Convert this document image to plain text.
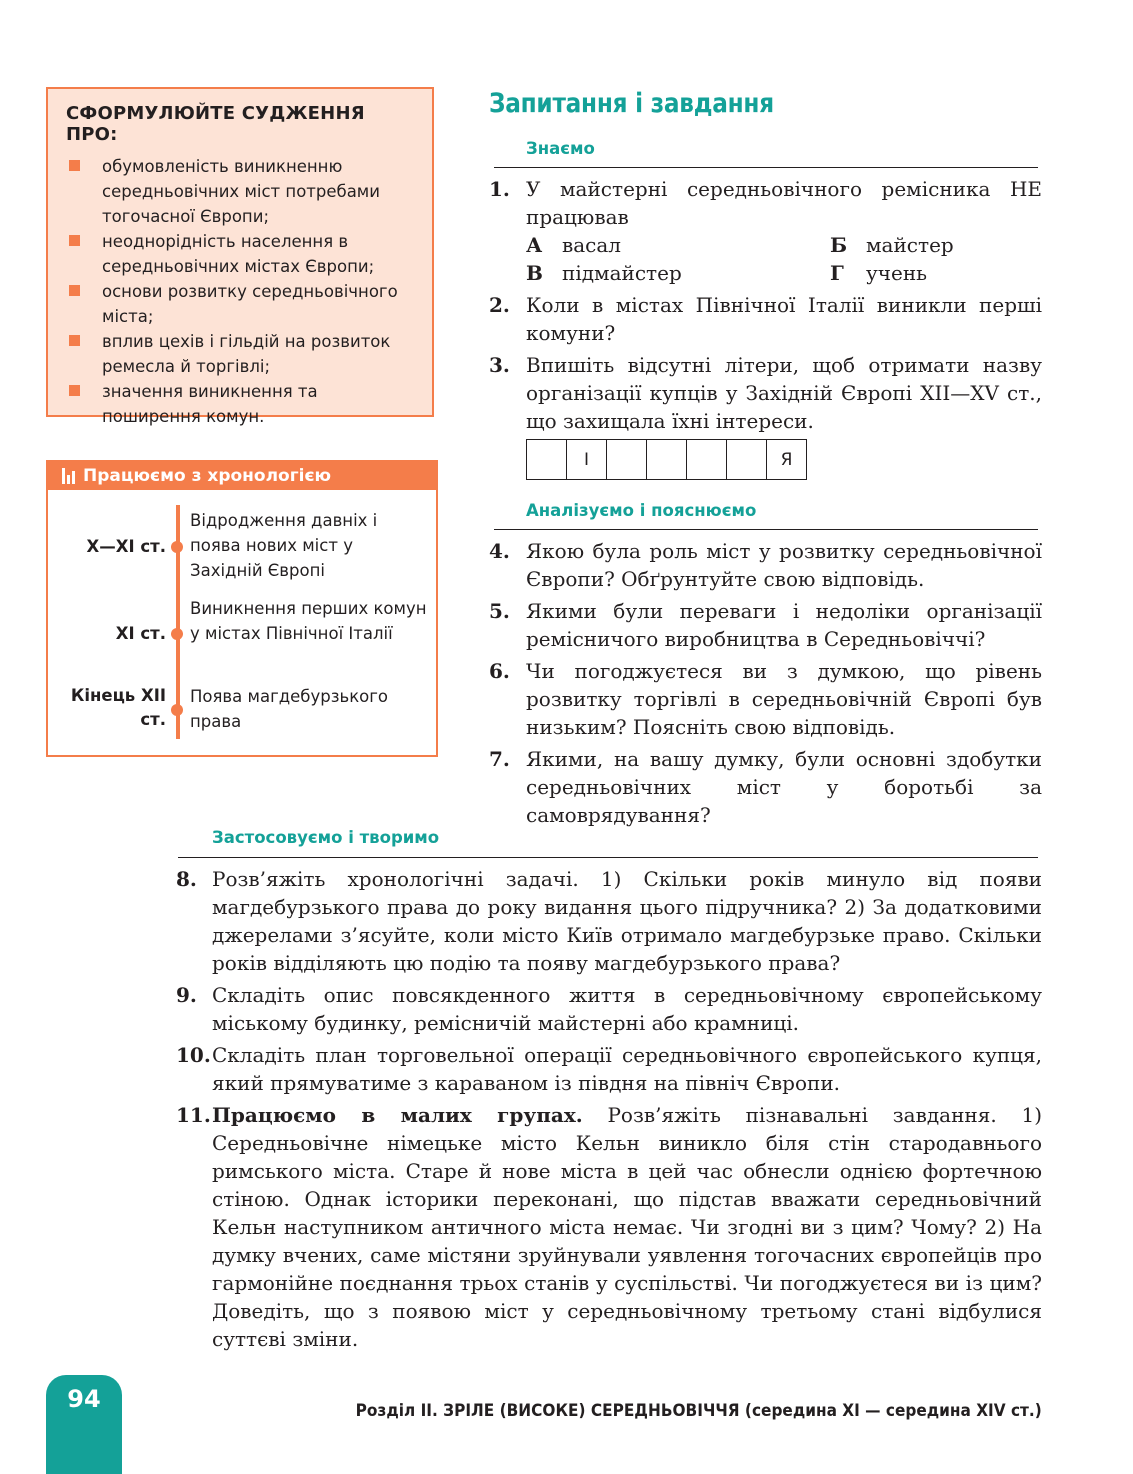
СФОРМУЛЮЙТЕ СУДЖЕННЯ ПРО:
обумовленість виникненню середньовічних міст потребами тогочасної Європи;
неоднорідність населення в середньовічних містах Європи;
основи розвитку середньовічного міста;
вплив цехів і гільдій на розвиток ремесла й торгівлі;
значення виникнення та поширення комун.
Працюємо з хронологією
X—XI ст.
Відродження давніх і поява нових міст у Західній Європі
XI ст.
Виникнення перших комун у містах Північної Італії
Кінець XII ст.
Поява магдебурзького права
Запитання і завдання
Знаємо
1. У майстерні середньовічного ремісника НЕ працював
А васал	Б майстер
В підмайстер	Г учень
2. Коли в містах Північної Італії виникли перші комуни?
3. Впишіть відсутні літери, щоб отримати назву організації купців у Західній Європі XII—XV ст., що захищала їхні інтереси.
І	Я
Аналізуємо і пояснюємо
4. Якою була роль міст у розвитку середньовічної Європи? Обґрунтуйте свою відповідь.
5. Якими були переваги і недоліки організації ремісничого виробництва в Середньовіччі?
6. Чи погоджуєтеся ви з думкою, що рівень розвитку торгівлі в середньовічній Європі був низьким? Поясніть свою відповідь.
7. Якими, на вашу думку, були основні здобутки середньовічних міст у боротьбі за самоврядування?
Застосовуємо і творимо
8. Розв’яжіть хронологічні задачі. 1) Скільки років минуло від появи магдебурзького права до року видання цього підручника? 2) За додатковими джерелами з’ясуйте, коли місто Київ отримало магдебурзьке право. Скільки років відділяють цю подію та появу магдебурзького права?
9. Складіть опис повсякденного життя в середньовічному європейському міському будинку, ремісничій майстерні або крамниці.
10. Складіть план торговельної операції середньовічного європейського купця, який прямуватиме з караваном із півдня на північ Європи.
11. Працюємо в малих групах. Розв’яжіть пізнавальні завдання. 1) Середньовічне німецьке місто Кельн виникло біля стін стародавнього римського міста. Старе й нове міста в цей час обнесли однією фортечною стіною. Однак історики переконані, що підстав вважати середньовічний Кельн наступником античного міста немає. Чи згодні ви з цим? Чому? 2) На думку вчених, саме містяни зруйнували уявлення тогочасних європейців про гармонійне поєднання трьох станів у суспільстві. Чи погоджуєтеся ви із цим? Доведіть, що з появою міст у середньовічному третьому стані відбулися суттєві зміни.
94	Розділ II. ЗРІЛЕ (ВИСОКЕ) СЕРЕДНЬОВІЧЧЯ (середина XI — середина XIV ст.)
